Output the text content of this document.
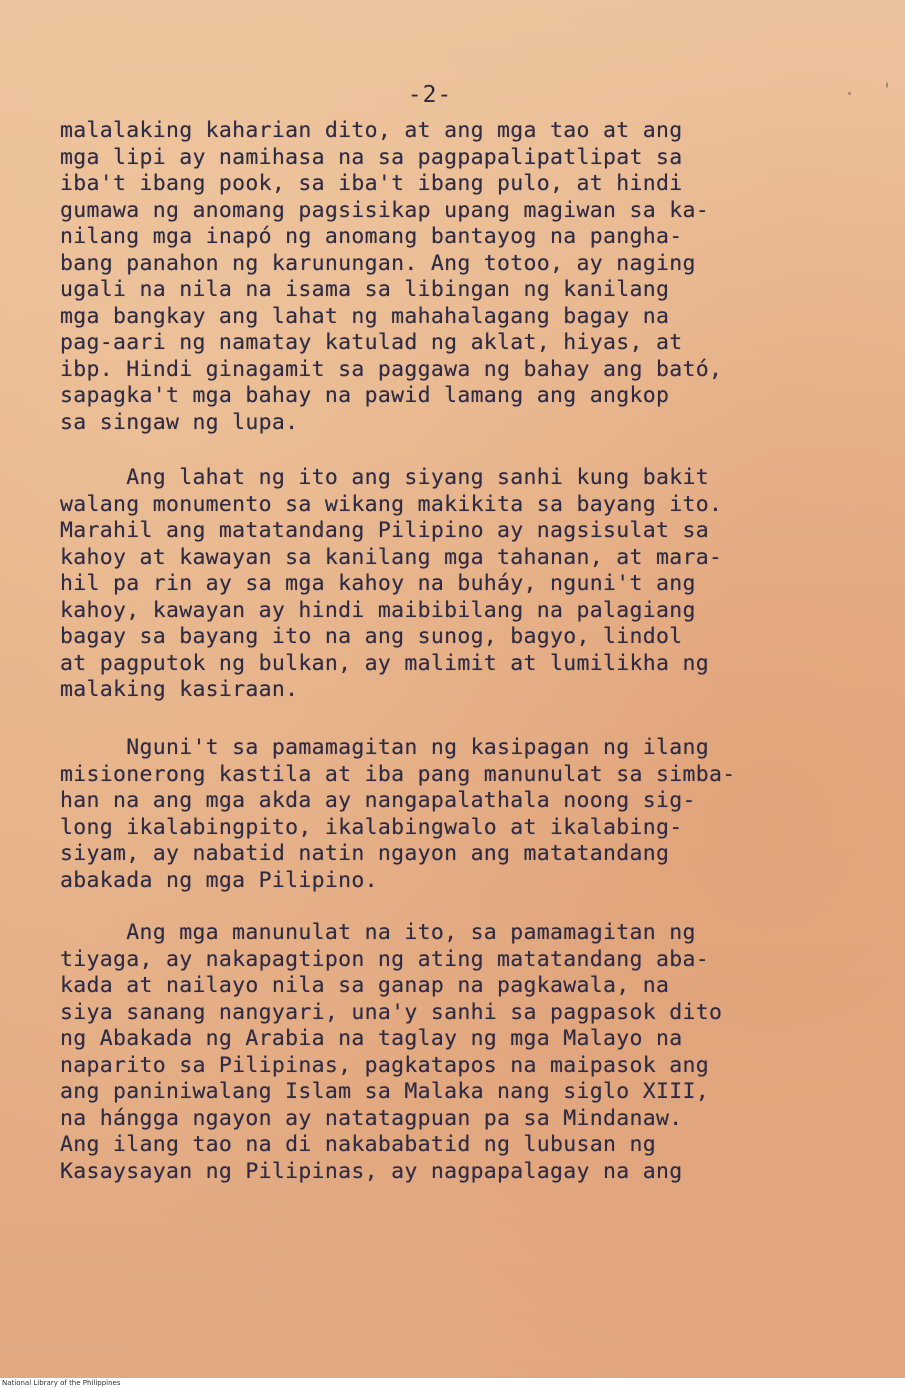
-2-
malalaking kaharian dito, at ang mga tao at ang
mga lipi ay namihasa na sa pagpapalipatlipat sa
iba't ibang pook, sa iba't ibang pulo, at hindi
gumawa ng anomang pagsisikap upang magiwan sa ka-
nilang mga inapó ng anomang bantayog na pangha-
bang panahon ng karunungan. Ang totoo, ay naging
ugali na nila na isama sa libingan ng kanilang
mga bangkay ang lahat ng mahahalagang bagay na
pag-aari ng namatay katulad ng aklat, hiyas, at
ibp. Hindi ginagamit sa paggawa ng bahay ang bató,
sapagka't mga bahay na pawid lamang ang angkop
sa singaw ng lupa.
Ang lahat ng ito ang siyang sanhi kung bakit
walang monumento sa wikang makikita sa bayang ito.
Marahil ang matatandang Pilipino ay nagsisulat sa
kahoy at kawayan sa kanilang mga tahanan, at mara-
hil pa rin ay sa mga kahoy na buháy, nguni't ang
kahoy, kawayan ay hindi maibibilang na palagiang
bagay sa bayang ito na ang sunog, bagyo, lindol
at pagputok ng bulkan, ay malimit at lumilikha ng
malaking kasiraan.
Nguni't sa pamamagitan ng kasipagan ng ilang
misionerong kastila at iba pang manunulat sa simba-
han na ang mga akda ay nangapalathala noong sig-
long ikalabingpito, ikalabingwalo at ikalabing-
siyam, ay nabatid natin ngayon ang matatandang
abakada ng mga Pilipino.
Ang mga manunulat na ito, sa pamamagitan ng
tiyaga, ay nakapagtipon ng ating matatandang aba-
kada at nailayo nila sa ganap na pagkawala, na
siya sanang nangyari, una'y sanhi sa pagpasok dito
ng Abakada ng Arabia na taglay ng mga Malayo na
naparito sa Pilipinas, pagkatapos na maipasok ang
ang paniniwalang Islam sa Malaka nang siglo XIII,
na hángga ngayon ay natatagpuan pa sa Mindanaw.
Ang ilang tao na di nakababatid ng lubusan ng
Kasaysayan ng Pilipinas, ay nagpapalagay na ang
National Library of the Philippines
